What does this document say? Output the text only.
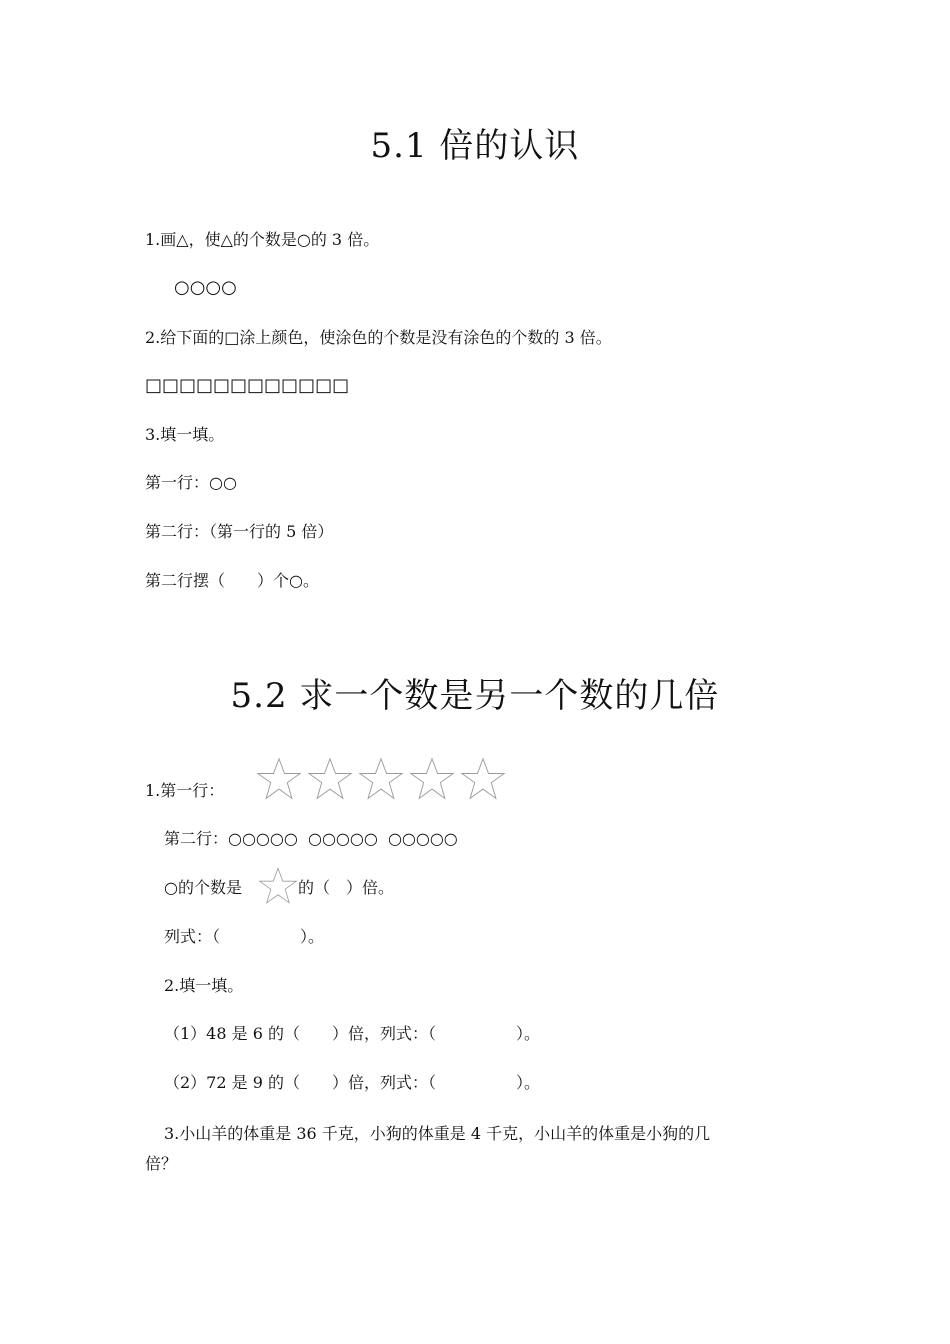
5.1 倍的认识
1.画△，使△的个数是○的 3 倍。
○○○○
2.给下面的□涂上颜色，使涂色的个数是没有涂色的个数的 3 倍。
□□□□□□□□□□□□
3.填一填。
第一行：○○
第二行：（第一行的 5 倍）
第二行摆（　　）个○。
5.2 求一个数是另一个数的几倍
1.第一行：
第二行：○○○○○  ○○○○○  ○○○○○
○的个数是	的（　）倍。
列式：（　　　　　）。
2.填一填。
（1）48 是 6 的（　　）倍，列式：（　　　　　）。
（2）72 是 9 的（　　）倍，列式：（　　　　　）。
3.小山羊的体重是 36 千克，小狗的体重是 4 千克，小山羊的体重是小狗的几
倍？
